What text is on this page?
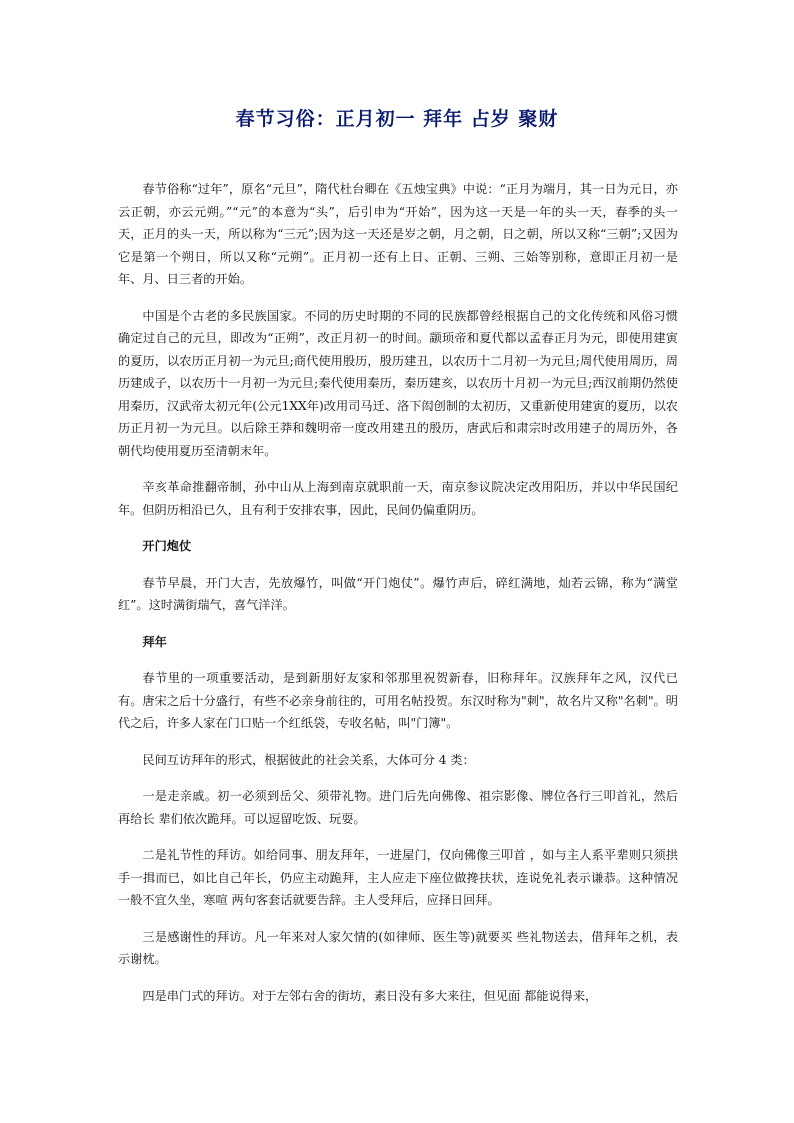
春节习俗：正月初一 拜年 占岁 聚财

春节俗称“过年”，原名“元旦”，隋代杜台卿在《五烛宝典》中说：“正月为端月，其一日为元日，亦云正朝，亦云元朔。”“元”的本意为“头”，后引申为“开始”，因为这一天是一年的头一天，春季的头一天，正月的头一天，所以称为“三元”;因为这一天还是岁之朝，月之朝，日之朝，所以又称“三朝”;又因为它是第一个朔日，所以又称“元朔”。正月初一还有上日、正朝、三朔、三始等别称，意即正月初一是年、月、日三者的开始。

中国是个古老的多民族国家。不同的历史时期的不同的民族都曾经根据自己的文化传统和风俗习惯确定过自己的元旦，即改为“正朔”，改正月初一的时间。颛顼帝和夏代都以孟春正月为元，即使用建寅的夏历，以农历正月初一为元旦;商代使用殷历，殷历建丑，以农历十二月初一为元旦;周代使用周历，周历建成子，以农历十一月初一为元旦;秦代使用秦历，秦历建亥，以农历十月初一为元旦;西汉前期仍然使用秦历，汉武帝太初元年(公元1XX年)改用司马迁、洛下闳创制的太初历，又重新使用建寅的夏历，以农历正月初一为元旦。以后除王莽和魏明帝一度改用建丑的殷历，唐武后和肃宗时改用建子的周历外，各朝代均使用夏历至清朝末年。

辛亥革命推翻帝制，孙中山从上海到南京就职前一天，南京参议院决定改用阳历，并以中华民国纪年。但阴历相沿已久，且有利于安排农事，因此，民间仍偏重阴历。

开门炮仗

春节早晨，开门大吉，先放爆竹，叫做“开门炮仗”。爆竹声后，碎红满地，灿若云锦，称为“满堂红”。这时满街瑞气，喜气洋洋。

拜年

春节里的一项重要活动，是到新朋好友家和邻那里祝贺新春，旧称拜年。汉族拜年之风，汉代已有。唐宋之后十分盛行，有些不必亲身前往的，可用名帖投贺。东汉时称为"刺"，故名片又称"名刺"。明代之后，许多人家在门口贴一个红纸袋，专收名帖，叫"门簿"。

民间互访拜年的形式，根据彼此的社会关系，大体可分 4 类：

一是走亲戚。初一必须到岳父、须带礼物。进门后先向佛像、祖宗影像、牌位各行三叩首礼，然后再给长 辈们依次跪拜。可以逗留吃饭、玩耍。

二是礼节性的拜访。如给同事、朋友拜年，一进屋门，仅向佛像三叩首 ，如与主人系平辈则只须拱手一揖而已，如比自己年长，仍应主动跪拜，主人应走下座位做搀扶状，连说免礼表示谦恭。这种情况一般不宜久坐，寒喧 两句客套话就要告辞。主人受拜后，应择日回拜。

三是感谢性的拜访。凡一年来对人家欠情的(如律师、医生等)就要买 些礼物送去，借拜年之机，表示谢枕。

四是串门式的拜访。对于左邻右舍的街坊，素日没有多大来往，但见面 都能说得来，
